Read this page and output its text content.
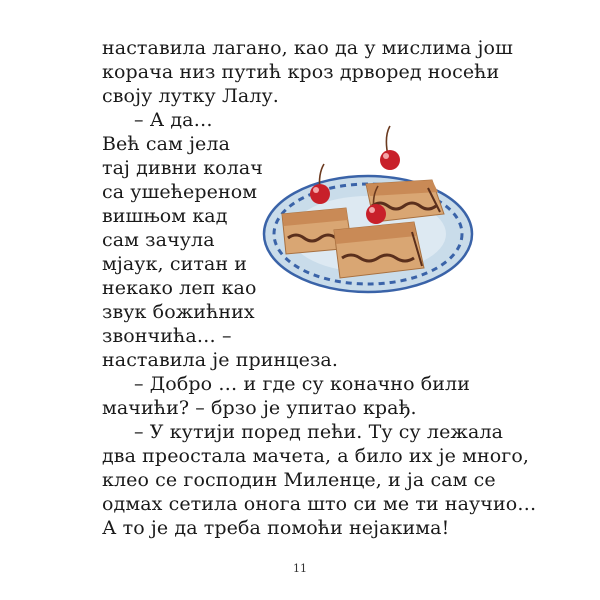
наставила лагано, као да у мислима још
корача низ путић кроз дрворед носећи
своју лутку Лалу.
– А да…
Већ сам јела
тај дивни колач
са ушећереном
вишњом кад
сам зачула
мјаук, ситан и
некако леп као
звук божићних
звончића… –
наставила је принцеза.
– Добро … и где су коначно били
мачићи? – брзо је упитао крађ.
– У кутији поред пећи. Ту су лежала
два преостала мачета, а било их је много,
клео се господин Миленце, и ја сам се
одмах сетила онога што си ме ти научио…
А то је да треба помоћи нејакима!
11
